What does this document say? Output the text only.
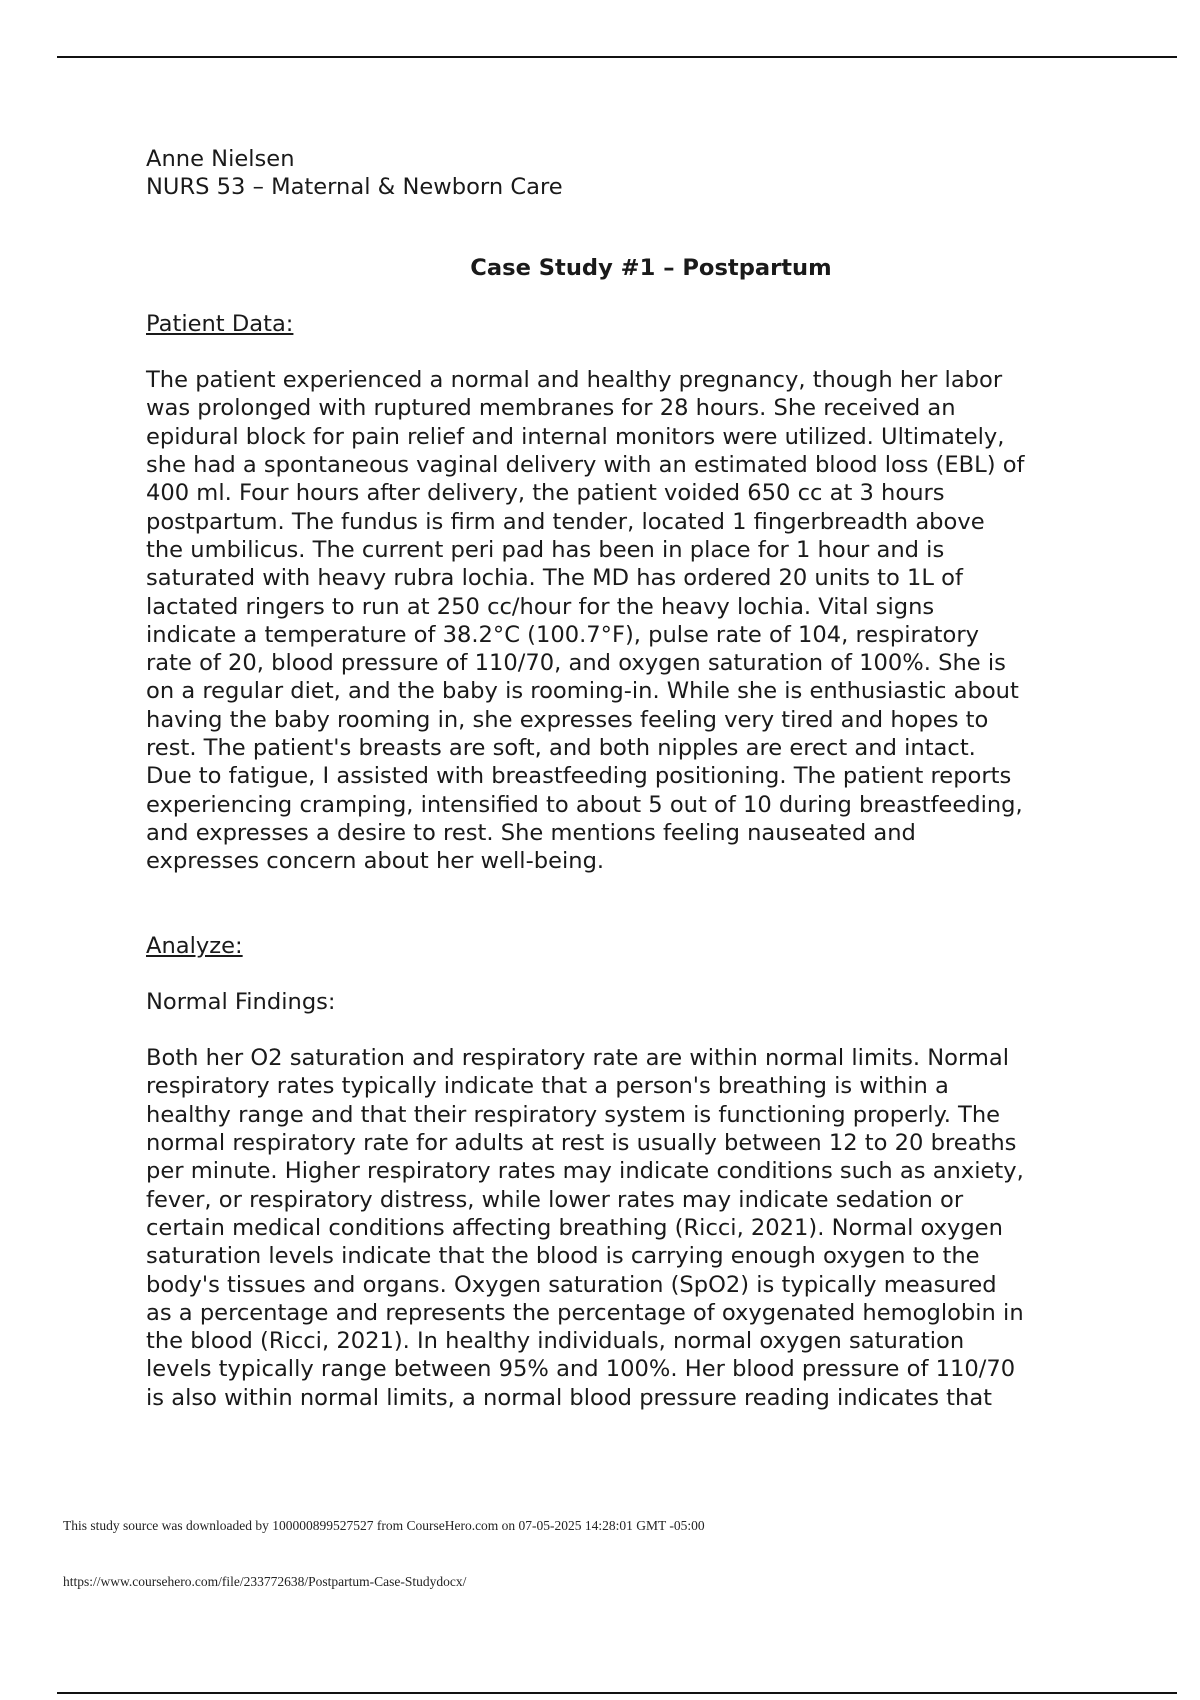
Anne Nielsen
NURS 53 – Maternal & Newborn Care
Case Study #1 – Postpartum
Patient Data:
The patient experienced a normal and healthy pregnancy, though her labor
was prolonged with ruptured membranes for 28 hours. She received an
epidural block for pain relief and internal monitors were utilized. Ultimately,
she had a spontaneous vaginal delivery with an estimated blood loss (EBL) of
400 ml. Four hours after delivery, the patient voided 650 cc at 3 hours
postpartum. The fundus is firm and tender, located 1 fingerbreadth above
the umbilicus. The current peri pad has been in place for 1 hour and is
saturated with heavy rubra lochia. The MD has ordered 20 units to 1L of
lactated ringers to run at 250 cc/hour for the heavy lochia. Vital signs
indicate a temperature of 38.2°C (100.7°F), pulse rate of 104, respiratory
rate of 20, blood pressure of 110/70, and oxygen saturation of 100%. She is
on a regular diet, and the baby is rooming-in. While she is enthusiastic about
having the baby rooming in, she expresses feeling very tired and hopes to
rest. The patient's breasts are soft, and both nipples are erect and intact.
Due to fatigue, I assisted with breastfeeding positioning. The patient reports
experiencing cramping, intensified to about 5 out of 10 during breastfeeding,
and expresses a desire to rest. She mentions feeling nauseated and
expresses concern about her well-being.
Analyze:
Normal Findings:
Both her O2 saturation and respiratory rate are within normal limits. Normal
respiratory rates typically indicate that a person's breathing is within a
healthy range and that their respiratory system is functioning properly. The
normal respiratory rate for adults at rest is usually between 12 to 20 breaths
per minute. Higher respiratory rates may indicate conditions such as anxiety,
fever, or respiratory distress, while lower rates may indicate sedation or
certain medical conditions affecting breathing (Ricci, 2021). Normal oxygen
saturation levels indicate that the blood is carrying enough oxygen to the
body's tissues and organs. Oxygen saturation (SpO2) is typically measured
as a percentage and represents the percentage of oxygenated hemoglobin in
the blood (Ricci, 2021). In healthy individuals, normal oxygen saturation
levels typically range between 95% and 100%. Her blood pressure of 110/70
is also within normal limits, a normal blood pressure reading indicates that
This study source was downloaded by 100000899527527 from CourseHero.com on 07-05-2025 14:28:01 GMT -05:00
https://www.coursehero.com/file/233772638/Postpartum-Case-Studydocx/
